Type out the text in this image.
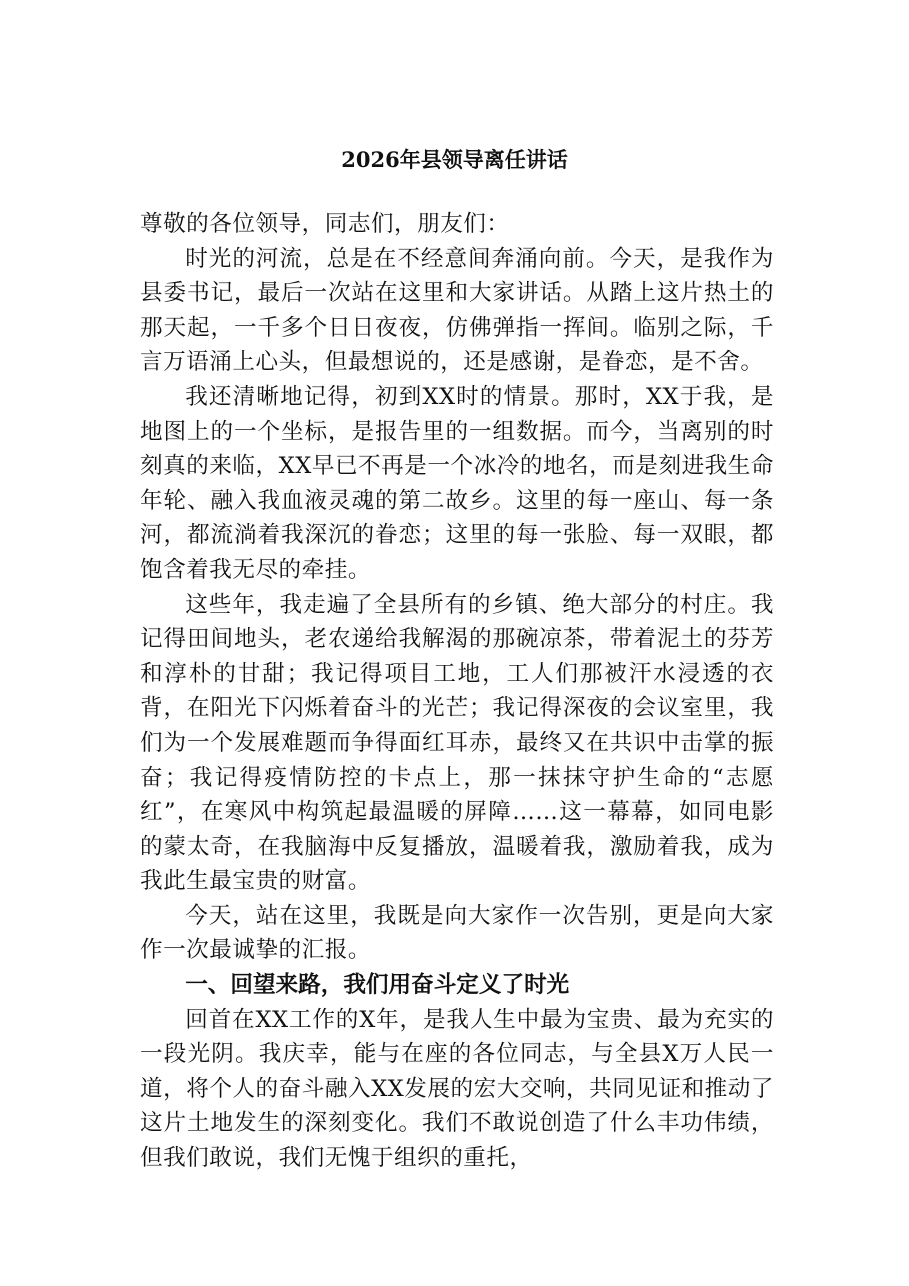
2026年县领导离任讲话

尊敬的各位领导，同志们，朋友们：

时光的河流，总是在不经意间奔涌向前。今天，是我作为县委书记，最后一次站在这里和大家讲话。从踏上这片热土的那天起，一千多个日日夜夜，仿佛弹指一挥间。临别之际，千言万语涌上心头，但最想说的，还是感谢，是眷恋，是不舍。

我还清晰地记得，初到XX时的情景。那时，XX于我，是地图上的一个坐标，是报告里的一组数据。而今，当离别的时刻真的来临，XX早已不再是一个冰冷的地名，而是刻进我生命年轮、融入我血液灵魂的第二故乡。这里的每一座山、每一条河，都流淌着我深沉的眷恋；这里的每一张脸、每一双眼，都饱含着我无尽的牵挂。

这些年，我走遍了全县所有的乡镇、绝大部分的村庄。我记得田间地头，老农递给我解渴的那碗凉茶，带着泥土的芬芳和淳朴的甘甜；我记得项目工地，工人们那被汗水浸透的衣背，在阳光下闪烁着奋斗的光芒；我记得深夜的会议室里，我们为一个发展难题而争得面红耳赤，最终又在共识中击掌的振奋；我记得疫情防控的卡点上，那一抹抹守护生命的“志愿红”，在寒风中构筑起最温暖的屏障……这一幕幕，如同电影的蒙太奇，在我脑海中反复播放，温暖着我，激励着我，成为我此生最宝贵的财富。

今天，站在这里，我既是向大家作一次告别，更是向大家作一次最诚挚的汇报。

一、回望来路，我们用奋斗定义了时光

回首在XX工作的X年，是我人生中最为宝贵、最为充实的一段光阴。我庆幸，能与在座的各位同志，与全县X万人民一道，将个人的奋斗融入XX发展的宏大交响，共同见证和推动了这片土地发生的深刻变化。我们不敢说创造了什么丰功伟绩，但我们敢说，我们无愧于组织的重托，
